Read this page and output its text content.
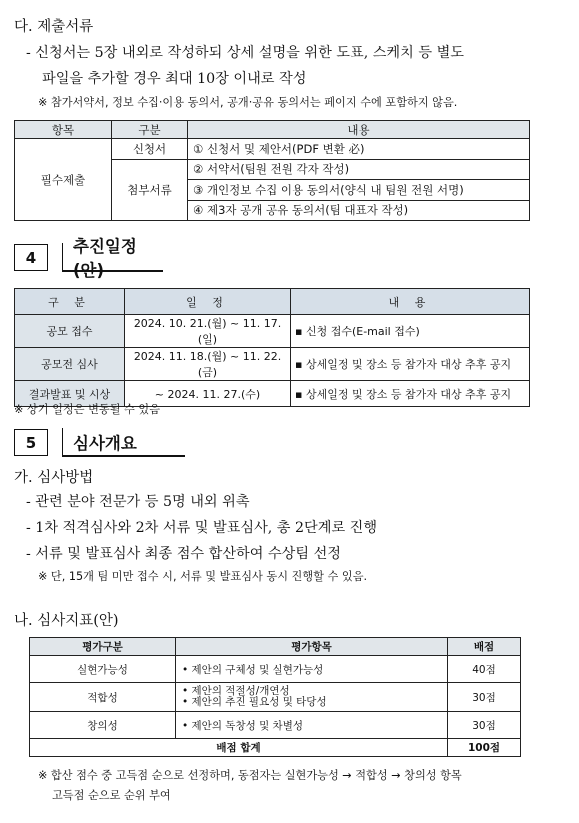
다. 제출서류
- 신청서는 5장 내외로 작성하되 상세 설명을 위한 도표, 스케치 등 별도
파일을 추가할 경우 최대 10장 이내로 작성
※ 참가서약서, 정보 수집·이용 동의서, 공개·공유 동의서는 페이지 수에 포함하지 않음.
항목	구분	내용
필수제출	신청서	① 신청서 및 제안서(PDF 변환 必)
	첨부서류	② 서약서(팀원 전원 각자 작성)
		③ 개인정보 수집 이용 동의서(양식 내 팀원 전원 서명)
		④ 제3자 공개 공유 동의서(팀 대표자 작성)
4
추진일정(안)
구 분	일 정	내 용
공모 접수	2024. 10. 21.(월) ~ 11. 17.(일)	▪ 신청 접수(E-mail 접수)
공모전 심사	2024. 11. 18.(월) ~ 11. 22.(금)	▪ 상세일정 및 장소 등 참가자 대상 추후 공지
결과발표 및 시상	~ 2024. 11. 27.(수)	▪ 상세일정 및 장소 등 참가자 대상 추후 공지
※ 상기 일정은 변동될 수 있음
5	심사개요
가. 심사방법
- 관련 분야 전문가 등 5명 내외 위촉
- 1차 적격심사와 2차 서류 및 발표심사, 총 2단계로 진행
- 서류 및 발표심사 최종 점수 합산하여 수상팀 선정
※ 단, 15개 팀 미만 접수 시, 서류 및 발표심사 동시 진행할 수 있음.
나. 심사지표(안)
평가구분	평가항목	배점
실현가능성	• 제안의 구체성 및 실현가능성	40점
적합성	• 제안의 적절성/개연성
• 제안의 추진 필요성 및 타당성	30점
창의성	• 제안의 독창성 및 차별성	30점
배점 합계		100점
※ 합산 점수 중 고득점 순으로 선정하며, 동점자는 실현가능성 → 적합성 → 창의성 항목
고득점 순으로 순위 부여
